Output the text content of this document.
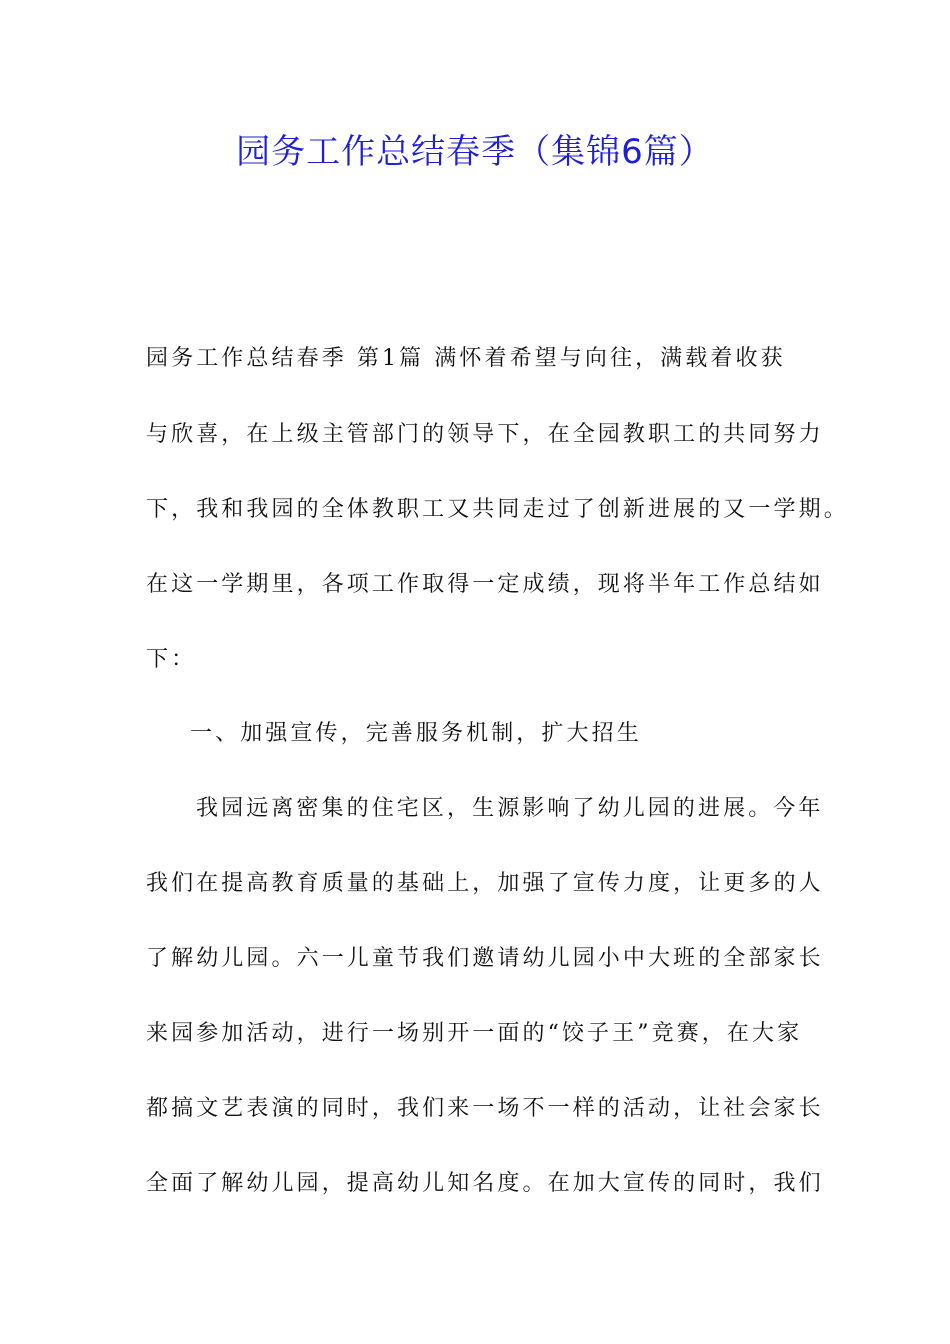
园务工作总结春季（集锦6篇）

园务工作总结春季 第1篇 满怀着希望与向往，满载着收获

与欣喜，在上级主管部门的领导下，在全园教职工的共同努力

下，我和我园的全体教职工又共同走过了创新进展的又一学期。

在这一学期里，各项工作取得一定成绩，现将半年工作总结如

下：

一、加强宣传，完善服务机制，扩大招生

我园远离密集的住宅区，生源影响了幼儿园的进展。今年

我们在提高教育质量的基础上，加强了宣传力度，让更多的人

了解幼儿园。六一儿童节我们邀请幼儿园小中大班的全部家长

来园参加活动，进行一场别开一面的“饺子王”竞赛，在大家

都搞文艺表演的同时，我们来一场不一样的活动，让社会家长

全面了解幼儿园，提高幼儿知名度。在加大宣传的同时，我们
